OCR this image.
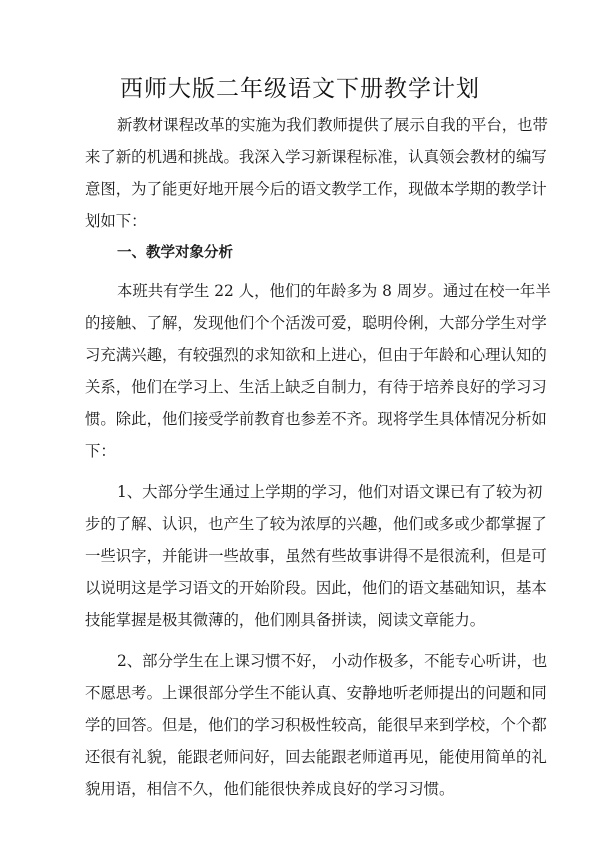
西师大版二年级语文下册教学计划
新教材课程改革的实施为我们教师提供了展示自我的平台，也带
来了新的机遇和挑战。我深入学习新课程标准，认真领会教材的编写
意图，为了能更好地开展今后的语文教学工作，现做本学期的教学计
划如下：
一、教学对象分析
本班共有学生 22 人，他们的年龄多为 8 周岁。通过在校一年半
的接触、了解，发现他们个个活泼可爱，聪明伶俐，大部分学生对学
习充满兴趣，有较强烈的求知欲和上进心，但由于年龄和心理认知的
关系，他们在学习上、生活上缺乏自制力，有待于培养良好的学习习
惯。除此，他们接受学前教育也参差不齐。现将学生具体情况分析如
下：
1、大部分学生通过上学期的学习，他们对语文课已有了较为初
步的了解、认识，也产生了较为浓厚的兴趣，他们或多或少都掌握了
一些识字，并能讲一些故事，虽然有些故事讲得不是很流利，但是可
以说明这是学习语文的开始阶段。因此，他们的语文基础知识，基本
技能掌握是极其微薄的，他们刚具备拼读，阅读文章能力。
2、部分学生在上课习惯不好， 小动作极多，不能专心听讲，也
不愿思考。上课很部分学生不能认真、安静地听老师提出的问题和同
学的回答。但是，他们的学习积极性较高，能很早来到学校，个个都
还很有礼貌，能跟老师问好，回去能跟老师道再见，能使用简单的礼
貌用语，相信不久，他们能很快养成良好的学习习惯。
